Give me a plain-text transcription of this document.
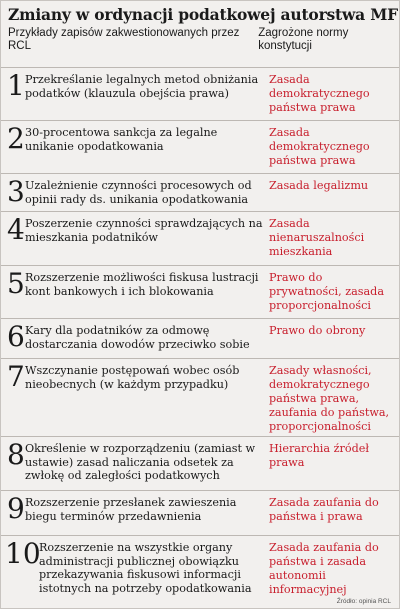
Zmiany w ordynacji podatkowej autorstwa MF
Przykłady zapisów zakwestionowanych przez RCL
Zagrożone normy konstytucji
1 Przekreślanie legalnych metod obniżania podatków (klauzula obejścia prawa)
Zasada demokratycznego państwa prawa
2 30-procentowa sankcja za legalne unikanie opodatkowania
Zasada demokratycznego państwa prawa
3 Uzależnienie czynności procesowych od opinii rady ds. unikania opodatkowania
Zasada legalizmu
4 Poszerzenie czynności sprawdzających na mieszkania podatników
Zasada nienaruszalności mieszkania
5 Rozszerzenie możliwości fiskusa lustracji kont bankowych i ich blokowania
Prawo do prywatności, zasada proporcjonalności
6 Kary dla podatników za odmowę dostarczania dowodów przeciwko sobie
Prawo do obrony
7 Wszczynanie postępowań wobec osób nieobecnych (w każdym przypadku)
Zasady własności, demokratycznego państwa prawa, zaufania do państwa, proporcjonalności
8 Określenie w rozporządzeniu (zamiast w ustawie) zasad naliczania odsetek za zwłokę od zaległości podatkowych
Hierarchia źródeł prawa
9 Rozszerzenie przesłanek zawieszenia biegu terminów przedawnienia
Zasada zaufania do państwa i prawa
10
Rozszerzenie na wszystkie organy administracji publicznej obowiązku przekazywania fiskusowi informacji istotnych na potrzeby opodatkowania
Zasada zaufania do państwa i zasada autonomii informacyjnej
Źródło: opinia RCL
